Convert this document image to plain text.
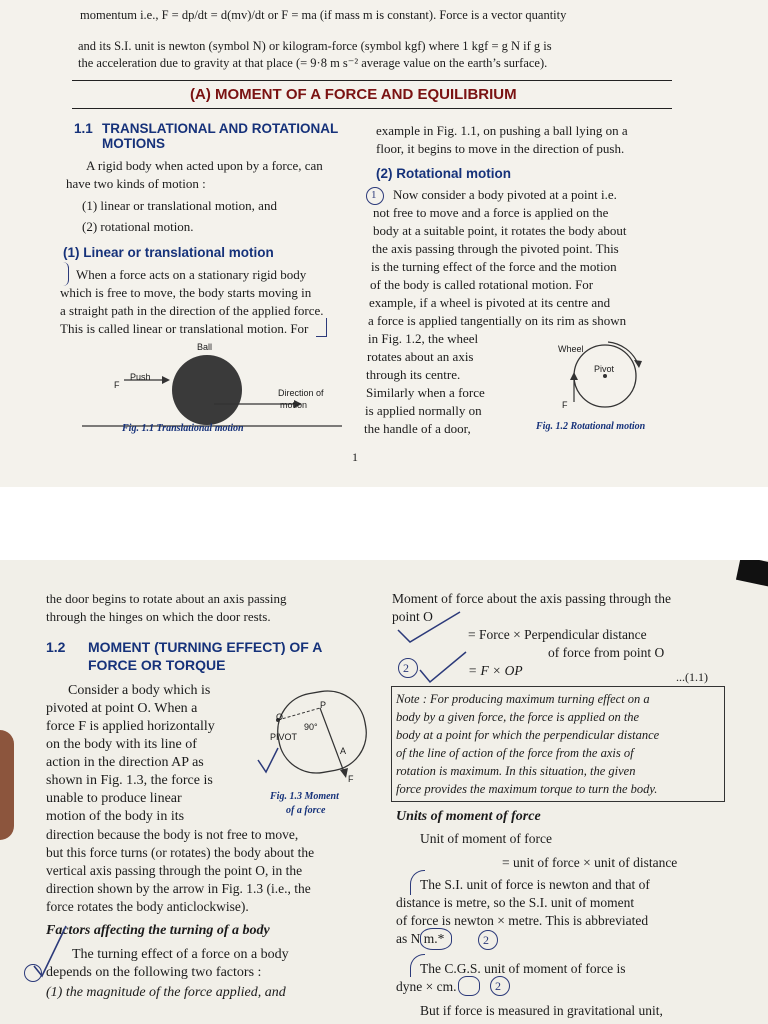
momentum i.e., F = dp/dt = d(mv)/dt or F = ma (if mass m is constant). Force is a vector quantity
and its S.I. unit is newton (symbol N) or kilogram-force (symbol kgf) where 1 kgf = g N if g is
the acceleration due to gravity at that place (= 9·8 m s⁻² average value on the earth’s surface).
(A) MOMENT OF A FORCE AND EQUILIBRIUM
1.1 TRANSLATIONAL AND ROTATIONAL
MOTIONS
A rigid body when acted upon by a force, can
have two kinds of motion :
(1) linear or translational motion, and
(2) rotational motion.
(1) Linear or translational motion
When a force acts on a stationary rigid body
which is free to move, the body starts moving in
a straight path in the direction of the applied force.
This is called linear or translational motion. For
Ball
Push
F
Direction of
motion
Fig. 1.1 Translational motion
example in Fig. 1.1, on pushing a ball lying on a
floor, it begins to move in the direction of push.
(2) Rotational motion
1 Now consider a body pivoted at a point i.e.
not free to move and a force is applied on the
body at a suitable point, it rotates the body about
the axis passing through the pivoted point. This
is the turning effect of the force and the motion
of the body is called rotational motion. For
example, if a wheel is pivoted at its centre and
a force is applied tangentially on its rim as shown
in Fig. 1.2, the wheel
rotates about an axis
through its centre.
Similarly when a force
is applied normally on
the handle of a door,
Wheel
Pivot
F
Fig. 1.2 Rotational motion
1
the door begins to rotate about an axis passing
through the hinges on which the door rests.
1.2 MOMENT (TURNING EFFECT) OF A
FORCE OR TORQUE
Consider a body which is
pivoted at point O. When a
force F is applied horizontally
on the body with its line of
action in the direction AP as
shown in Fig. 1.3, the force is
unable to produce linear
motion of the body in its
direction because the body is not free to move,
but this force turns (or rotates) the body about the
vertical axis passing through the point O, in the
direction shown by the arrow in Fig. 1.3 (i.e., the
force rotates the body anticlockwise).
Factors affecting the turning of a body
The turning effect of a force on a body
depends on the following two factors :
(1) the magnitude of the force applied, and
O
P
90°
PIVOT
A
F
Fig. 1.3 Moment
of a force
Moment of force about the axis passing through the
point O
= Force × Perpendicular distance
of force from point O
2	= F × OP	...(1.1)
Note : For producing maximum turning effect on a
body by a given force, the force is applied on the
body at a point for which the perpendicular distance
of the line of action of the force from the axis of
rotation is maximum. In this situation, the given
force provides the maximum torque to turn the body.
Units of moment of force
Unit of moment of force
= unit of force × unit of distance
The S.I. unit of force is newton and that of
distance is metre, so the S.I. unit of moment
of force is newton × metre. This is abbreviated
as N m.*	2
The C.G.S. unit of moment of force is
dyne × cm.	2
But if force is measured in gravitational unit,
